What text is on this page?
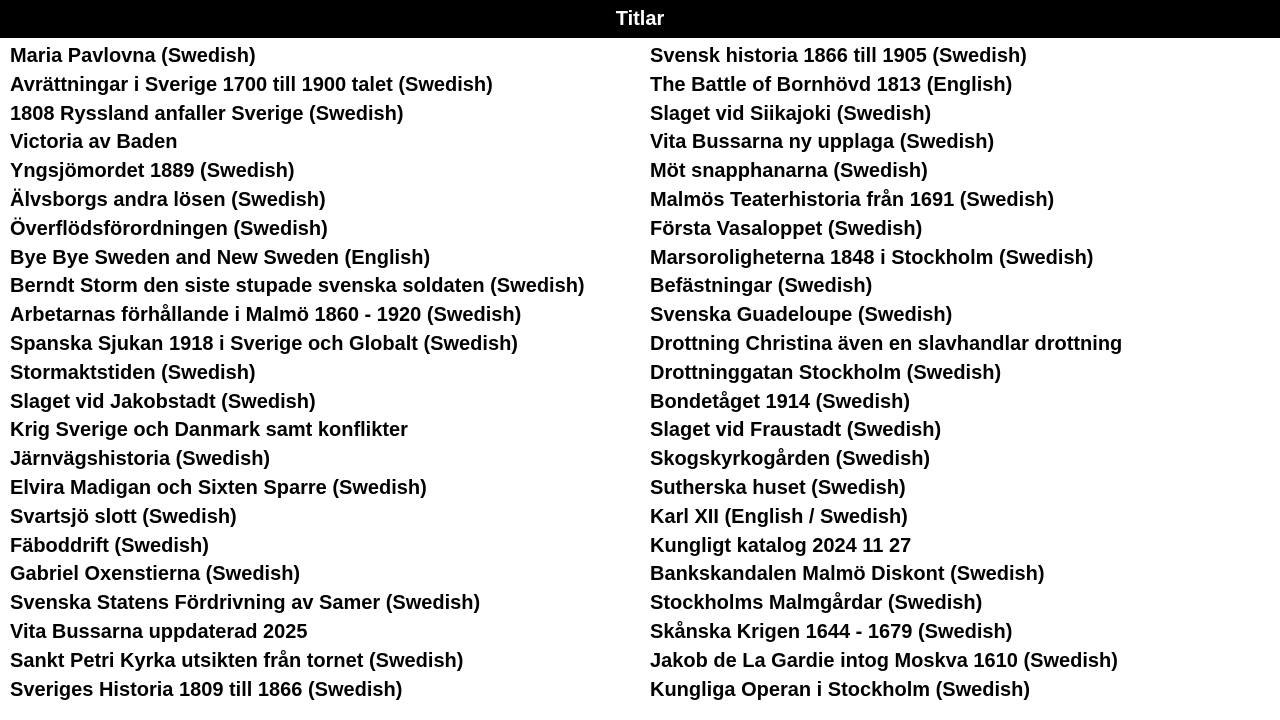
Titlar
Maria Pavlovna (Swedish)
Avrättningar i Sverige 1700 till 1900 talet (Swedish)
1808 Ryssland anfaller Sverige (Swedish)
Victoria av Baden
Yngsjömordet 1889 (Swedish)
Älvsborgs andra lösen (Swedish)
Överflödsförordningen (Swedish)
Bye Bye Sweden and New Sweden (English)
Berndt Storm den siste stupade svenska soldaten (Swedish)
Arbetarnas förhållande i Malmö 1860 - 1920 (Swedish)
Spanska Sjukan 1918 i Sverige och Globalt (Swedish)
Stormaktstiden (Swedish)
Slaget vid Jakobstadt (Swedish)
Krig Sverige och Danmark samt konflikter
Järnvägshistoria (Swedish)
Elvira Madigan och Sixten Sparre (Swedish)
Svartsjö slott (Swedish)
Fäboddrift (Swedish)
Gabriel Oxenstierna (Swedish)
Svenska Statens Fördrivning av Samer (Swedish)
Vita Bussarna uppdaterad 2025
Sankt Petri Kyrka utsikten från tornet (Swedish)
Sveriges Historia 1809 till 1866 (Swedish)
Svensk historia 1866 till 1905 (Swedish)
The Battle of Bornhövd 1813 (English)
Slaget vid Siikajoki (Swedish)
Vita Bussarna ny upplaga (Swedish)
Möt snapphanarna (Swedish)
Malmös Teaterhistoria från 1691 (Swedish)
Första Vasaloppet (Swedish)
Marsoroligheterna 1848 i Stockholm (Swedish)
Befästningar (Swedish)
Svenska Guadeloupe (Swedish)
Drottning Christina även en slavhandlar drottning
Drottninggatan Stockholm (Swedish)
Bondetåget 1914 (Swedish)
Slaget vid Fraustadt (Swedish)
Skogskyrkogården (Swedish)
Sutherska huset (Swedish)
Karl XII (English / Swedish)
Kungligt katalog 2024 11 27
Bankskandalen Malmö Diskont (Swedish)
Stockholms Malmgårdar (Swedish)
Skånska Krigen 1644 - 1679 (Swedish)
Jakob de La Gardie intog Moskva 1610 (Swedish)
Kungliga Operan i Stockholm (Swedish)
